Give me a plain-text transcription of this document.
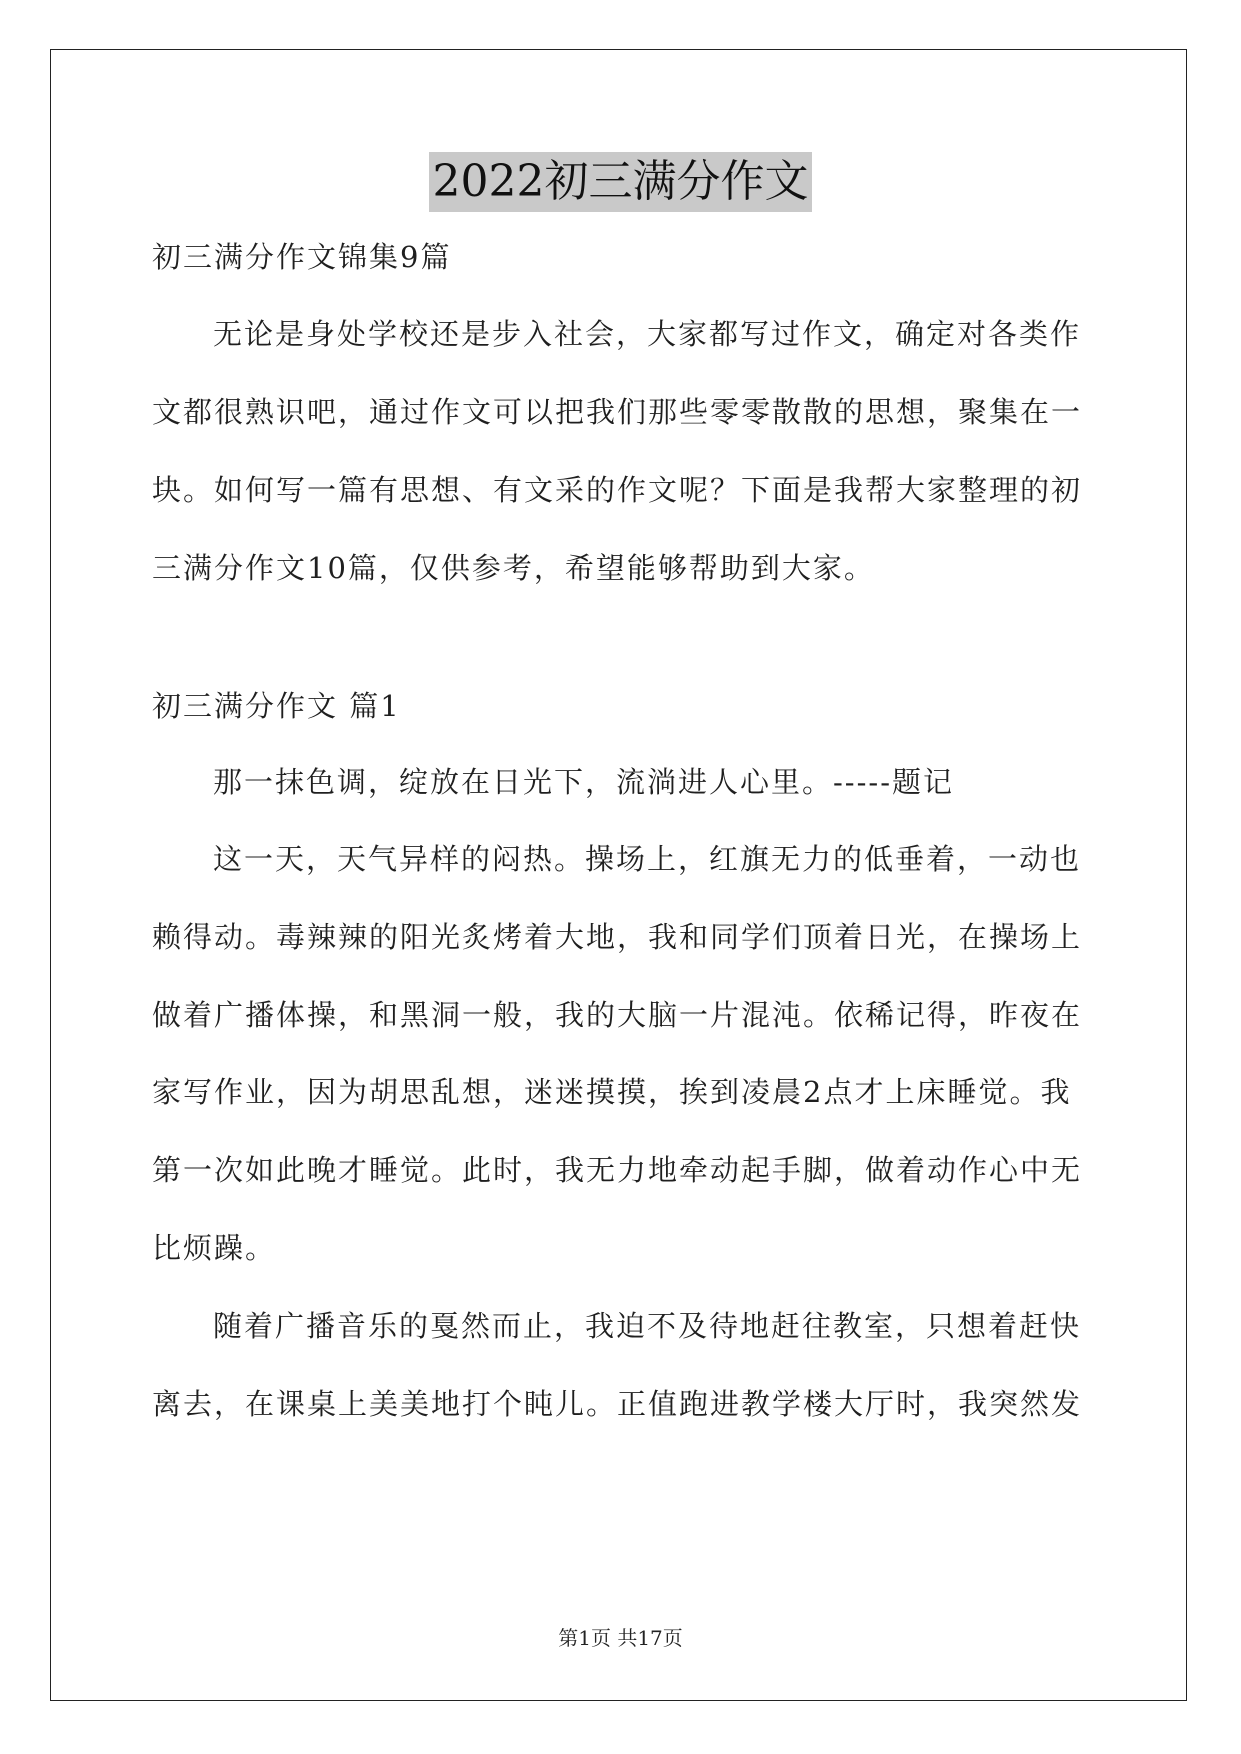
2022初三满分作文
初三满分作文锦集9篇
无论是身处学校还是步入社会，大家都写过作文，确定对各类作
文都很熟识吧，通过作文可以把我们那些零零散散的思想，聚集在一
块。如何写一篇有思想、有文采的作文呢？下面是我帮大家整理的初
三满分作文10篇，仅供参考，希望能够帮助到大家。
初三满分作文 篇1
那一抹色调，绽放在日光下，流淌进人心里。-----题记
这一天，天气异样的闷热。操场上，红旗无力的低垂着，一动也
赖得动。毒辣辣的阳光炙烤着大地，我和同学们顶着日光，在操场上
做着广播体操，和黑洞一般，我的大脑一片混沌。依稀记得，昨夜在
家写作业，因为胡思乱想，迷迷摸摸，挨到凌晨2点才上床睡觉。我
第一次如此晚才睡觉。此时，我无力地牵动起手脚，做着动作心中无
比烦躁。
随着广播音乐的戛然而止，我迫不及待地赶往教室，只想着赶快
离去，在课桌上美美地打个盹儿。正值跑进教学楼大厅时，我突然发
第1页 共17页
